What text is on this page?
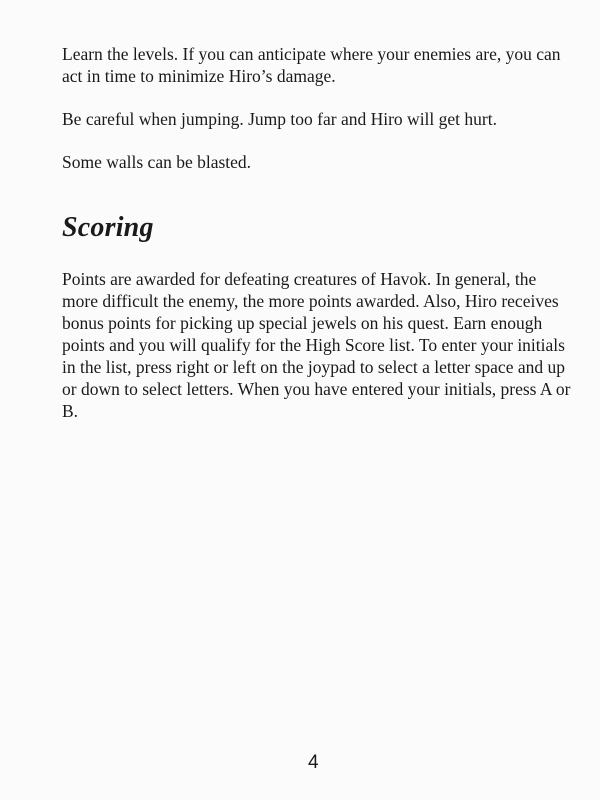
Learn the levels. If you can anticipate where your enemies are, you can act in time to minimize Hiro’s damage.

Be careful when jumping. Jump too far and Hiro will get hurt.

Some walls can be blasted.

Scoring

Points are awarded for defeating creatures of Havok. In general, the more difficult the enemy, the more points awarded. Also, Hiro receives bonus points for picking up special jewels on his quest. Earn enough points and you will qualify for the High Score list. To enter your initials in the list, press right or left on the joypad to select a letter space and up or down to select letters. When you have entered your initials, press A or B.

4
